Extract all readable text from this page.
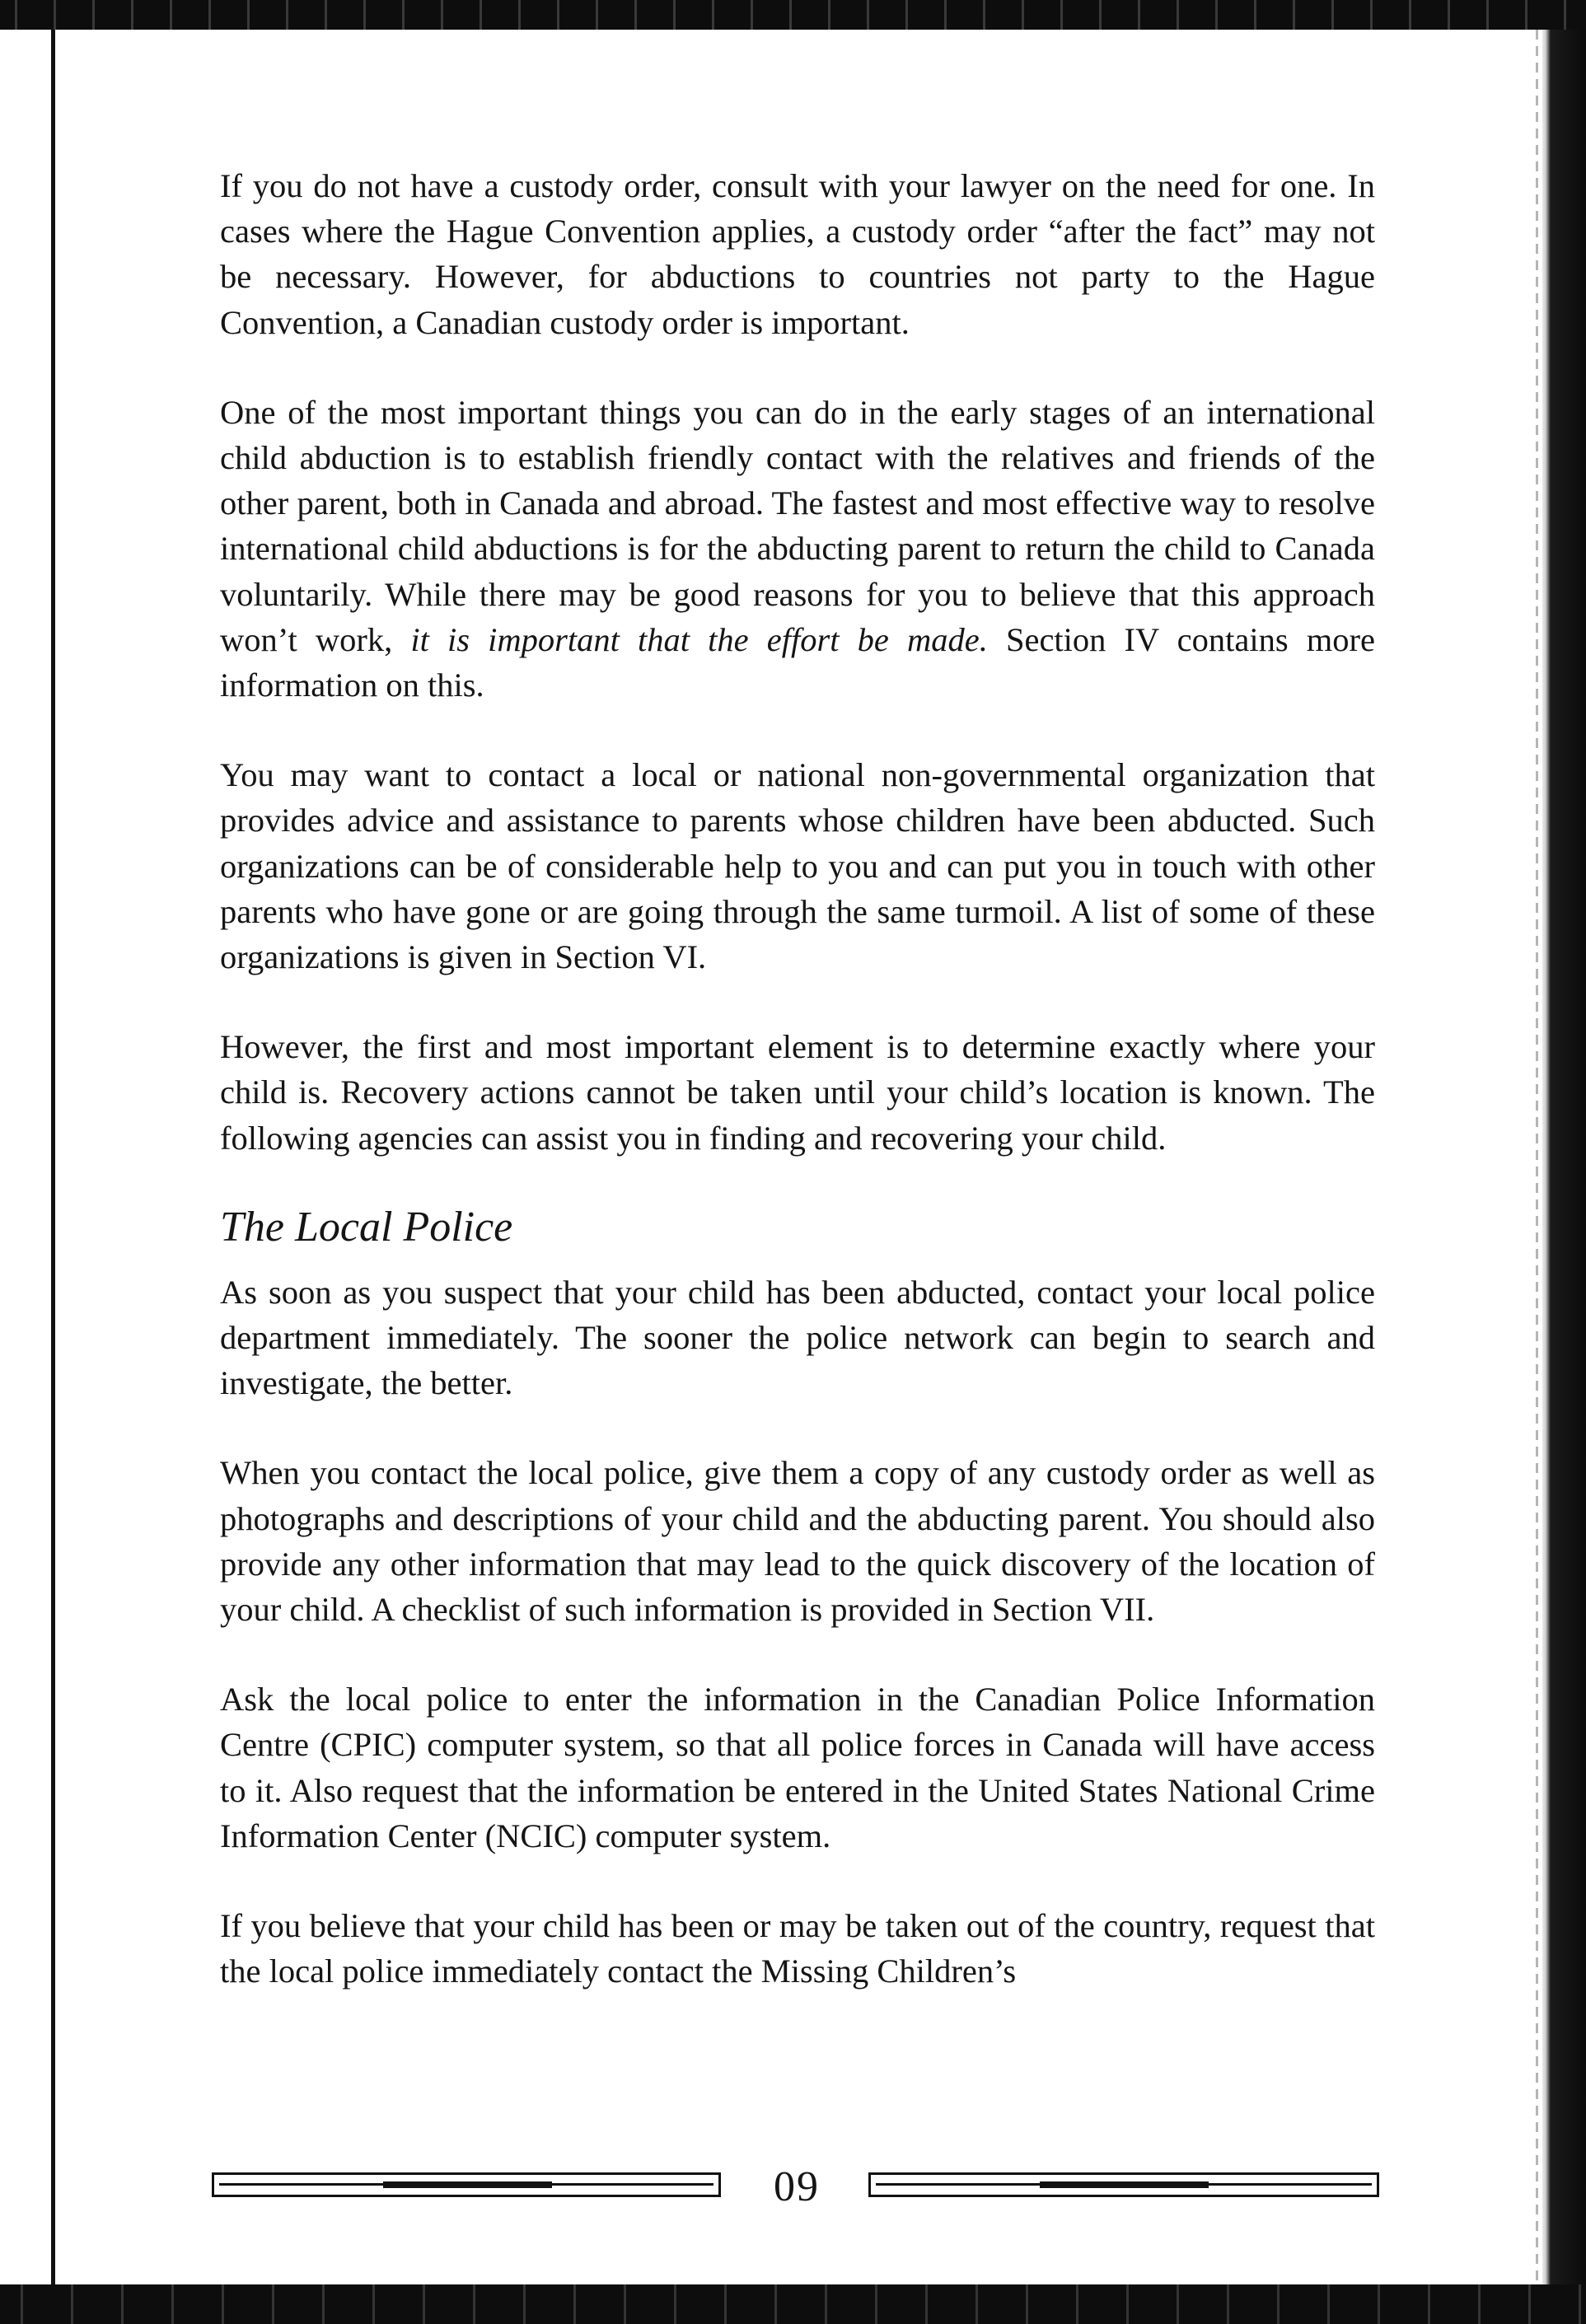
If you do not have a custody order, consult with your lawyer on the need for one. In cases where the Hague Convention applies, a custody order “after the fact” may not be necessary. However, for abductions to countries not party to the Hague Convention, a Canadian custody order is important.

One of the most important things you can do in the early stages of an international child abduction is to establish friendly contact with the relatives and friends of the other parent, both in Canada and abroad. The fastest and most effective way to resolve international child abductions is for the abducting parent to return the child to Canada voluntarily. While there may be good reasons for you to believe that this approach won’t work, it is important that the effort be made. Section IV contains more information on this.

You may want to contact a local or national non-governmental organization that provides advice and assistance to parents whose children have been abducted. Such organizations can be of considerable help to you and can put you in touch with other parents who have gone or are going through the same turmoil. A list of some of these organizations is given in Section VI.

However, the first and most important element is to determine exactly where your child is. Recovery actions cannot be taken until your child’s location is known. The following agencies can assist you in finding and recovering your child.

The Local Police

As soon as you suspect that your child has been abducted, contact your local police department immediately. The sooner the police network can begin to search and investigate, the better.

When you contact the local police, give them a copy of any custody order as well as photographs and descriptions of your child and the abducting parent. You should also provide any other information that may lead to the quick discovery of the location of your child. A checklist of such information is provided in Section VII.

Ask the local police to enter the information in the Canadian Police Information Centre (CPIC) computer system, so that all police forces in Canada will have access to it. Also request that the information be entered in the United States National Crime Information Center (NCIC) computer system.

If you believe that your child has been or may be taken out of the country, request that the local police immediately contact the Missing Children’s

09
